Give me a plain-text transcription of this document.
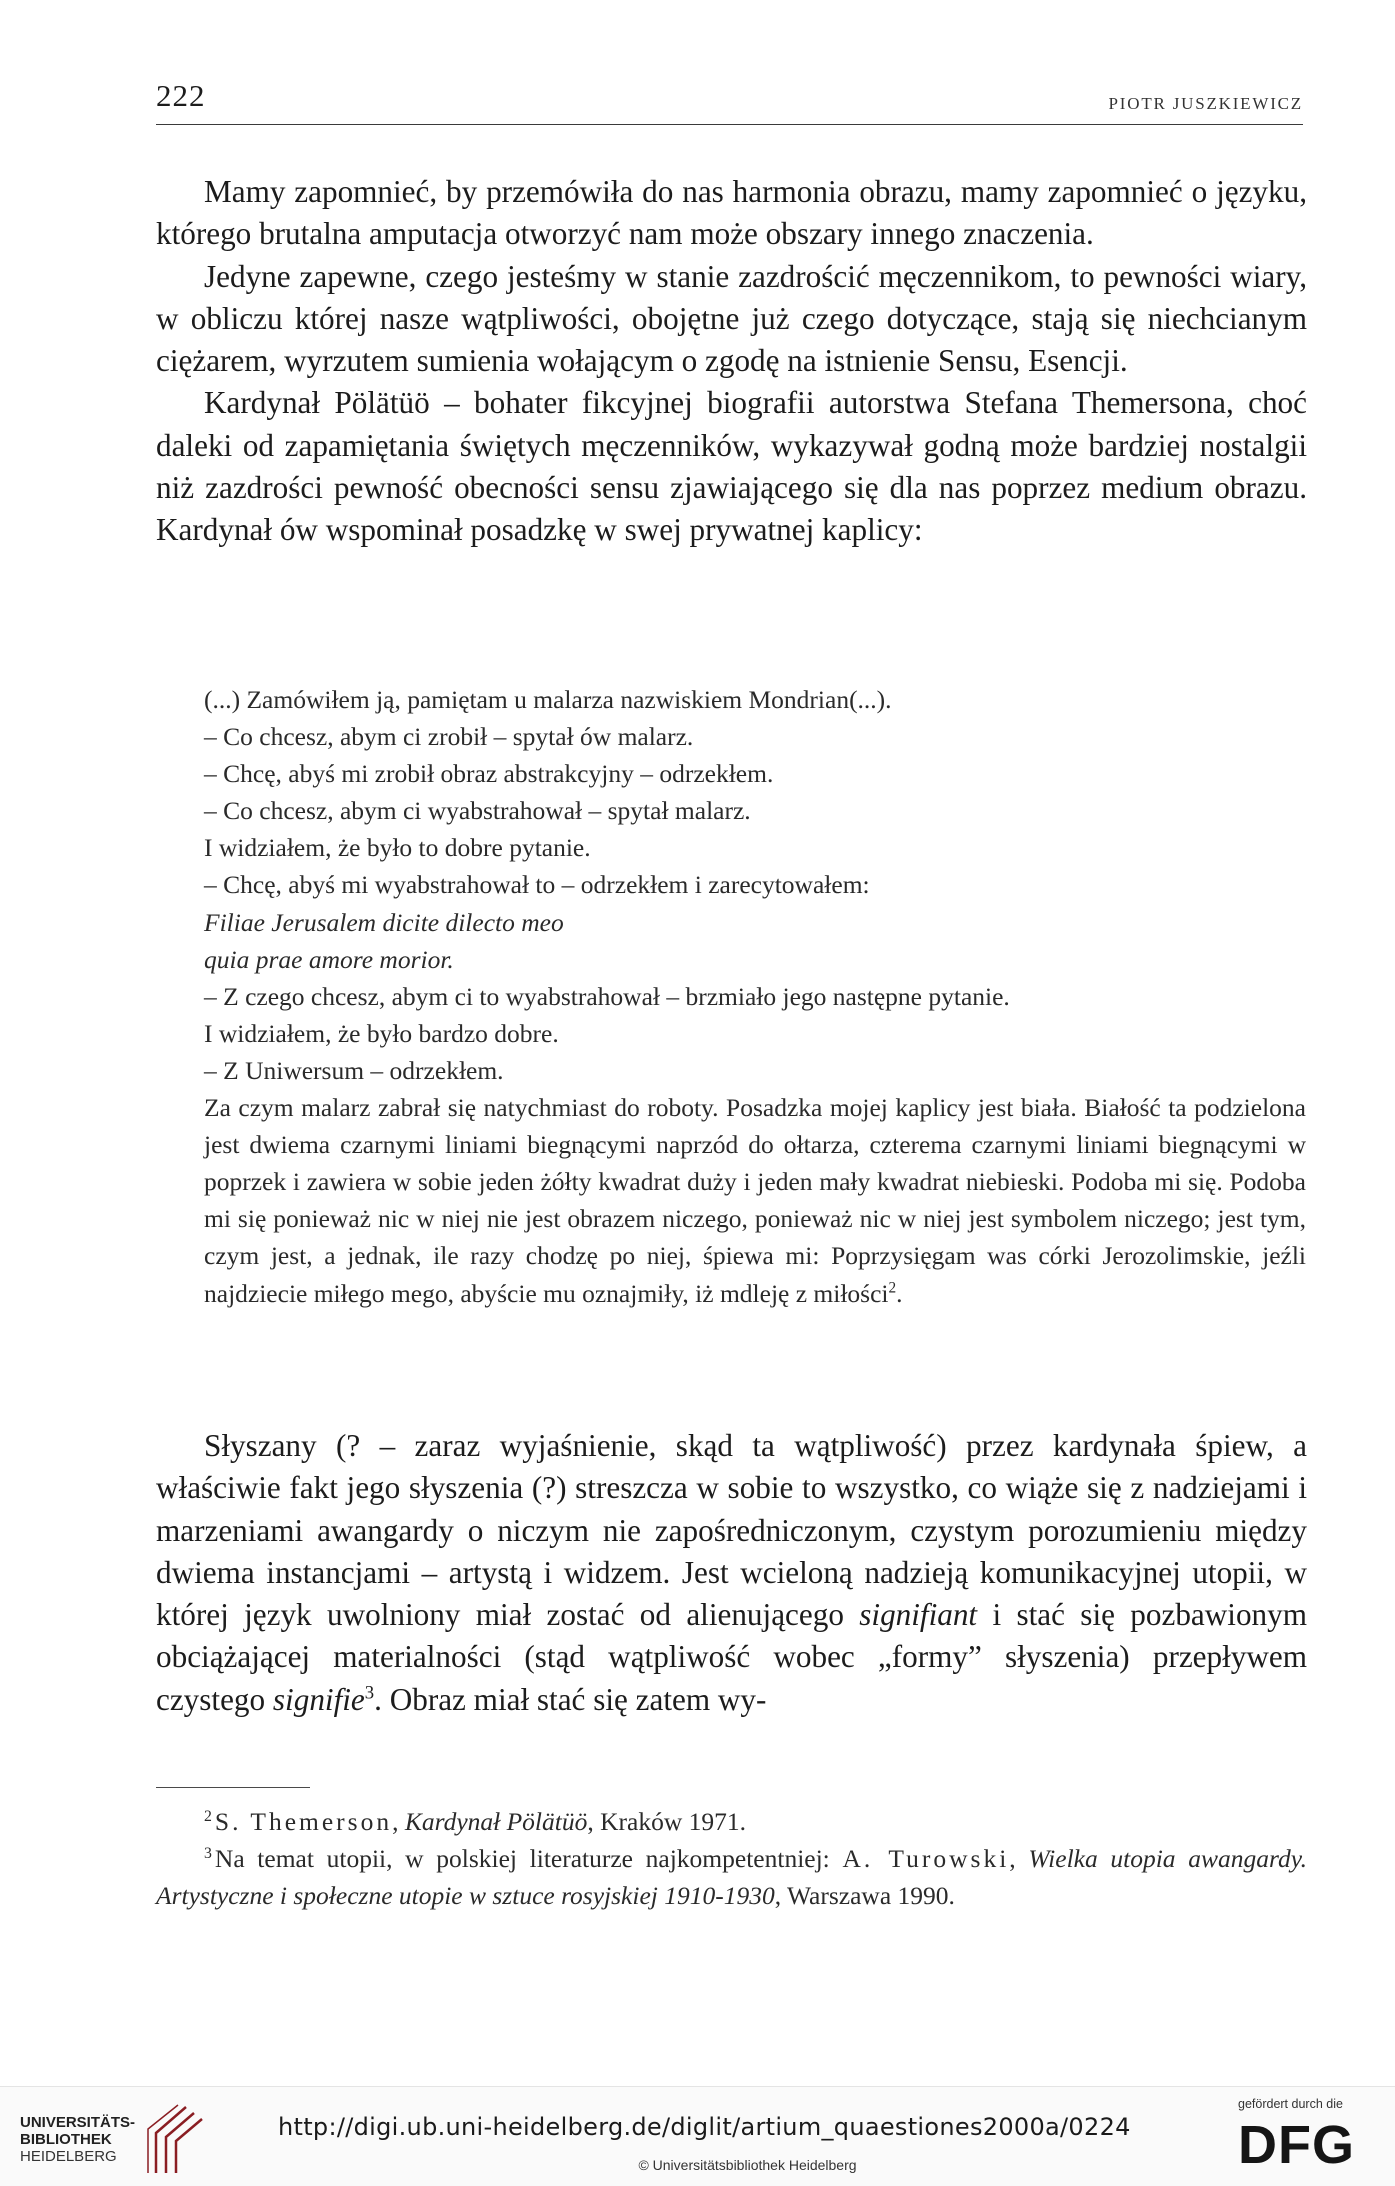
222	PIOTR JUSZKIEWICZ

Mamy zapomnieć, by przemówiła do nas harmonia obrazu, mamy zapomnieć o języku, którego brutalna amputacja otworzyć nam może obszary innego znaczenia.

Jedyne zapewne, czego jesteśmy w stanie zazdrościć męczennikom, to pewności wiary, w obliczu której nasze wątpliwości, obojętne już czego dotyczące, stają się niechcianym ciężarem, wyrzutem sumienia wołającym o zgodę na istnienie Sensu, Esencji.

Kardynał Pölätüö – bohater fikcyjnej biografii autorstwa Stefana Themersona, choć daleki od zapamiętania świętych męczenników, wykazywał godną może bardziej nostalgii niż zazdrości pewność obecności sensu zjawiającego się dla nas poprzez medium obrazu. Kardynał ów wspominał posadzkę w swej prywatnej kaplicy:

(...) Zamówiłem ją, pamiętam u malarza nazwiskiem Mondrian(...).

– Co chcesz, abym ci zrobił – spytał ów malarz.

– Chcę, abyś mi zrobił obraz abstrakcyjny – odrzekłem.

– Co chcesz, abym ci wyabstrahował – spytał malarz.

I widziałem, że było to dobre pytanie.

– Chcę, abyś mi wyabstrahował to – odrzekłem i zarecytowałem:

Filiae Jerusalem dicite dilecto meo

quia prae amore morior.

– Z czego chcesz, abym ci to wyabstrahował – brzmiało jego następne pytanie.

I widziałem, że było bardzo dobre.

– Z Uniwersum – odrzekłem.

Za czym malarz zabrał się natychmiast do roboty. Posadzka mojej kaplicy jest biała. Białość ta podzielona jest dwiema czarnymi liniami biegnącymi naprzód do ołtarza, czterema czarnymi liniami biegnącymi w poprzek i zawiera w sobie jeden żółty kwadrat duży i jeden mały kwadrat niebieski. Podoba mi się. Podoba mi się ponieważ nic w niej nie jest obrazem niczego, ponieważ nic w niej jest symbolem niczego; jest tym, czym jest, a jednak, ile razy chodzę po niej, śpiewa mi: Poprzysięgam was córki Jerozolimskie, jeźli najdziecie miłego mego, abyście mu oznajmiły, iż mdleję z miłości$^2$.

Słyszany (? – zaraz wyjaśnienie, skąd ta wątpliwość) przez kardynała śpiew, a właściwie fakt jego słyszenia (?) streszcza w sobie to wszystko, co wiąże się z nadziejami i marzeniami awangardy o niczym nie zapośredniczonym, czystym porozumieniu między dwiema instancjami – artystą i widzem. Jest wcieloną nadzieją komunikacyjnej utopii, w której język uwolniony miał zostać od alienującego signifiant i stać się pozbawionym obciążającej materialności (stąd wątpliwość wobec „formy” słyszenia) przepływem czystego signifie$^3$. Obraz miał stać się zatem wy-

$^2$ S. Themerson, Kardynał Pölätüö, Kraków 1971.

$^3$ Na temat utopii, w polskiej literaturze najkompetentniej: A. Turowski, Wielka utopia awangardy. Artystyczne i społeczne utopie w sztuce rosyjskiej 1910-1930, Warszawa 1990.

UNIVERSITÄTS-
BIBLIOTHEK
HEIDELBERG
http://digi.ub.uni-heidelberg.de/diglit/artium_quaestiones2000a/0224
© Universitätsbibliothek Heidelberg
gefördert durch die
DFG
